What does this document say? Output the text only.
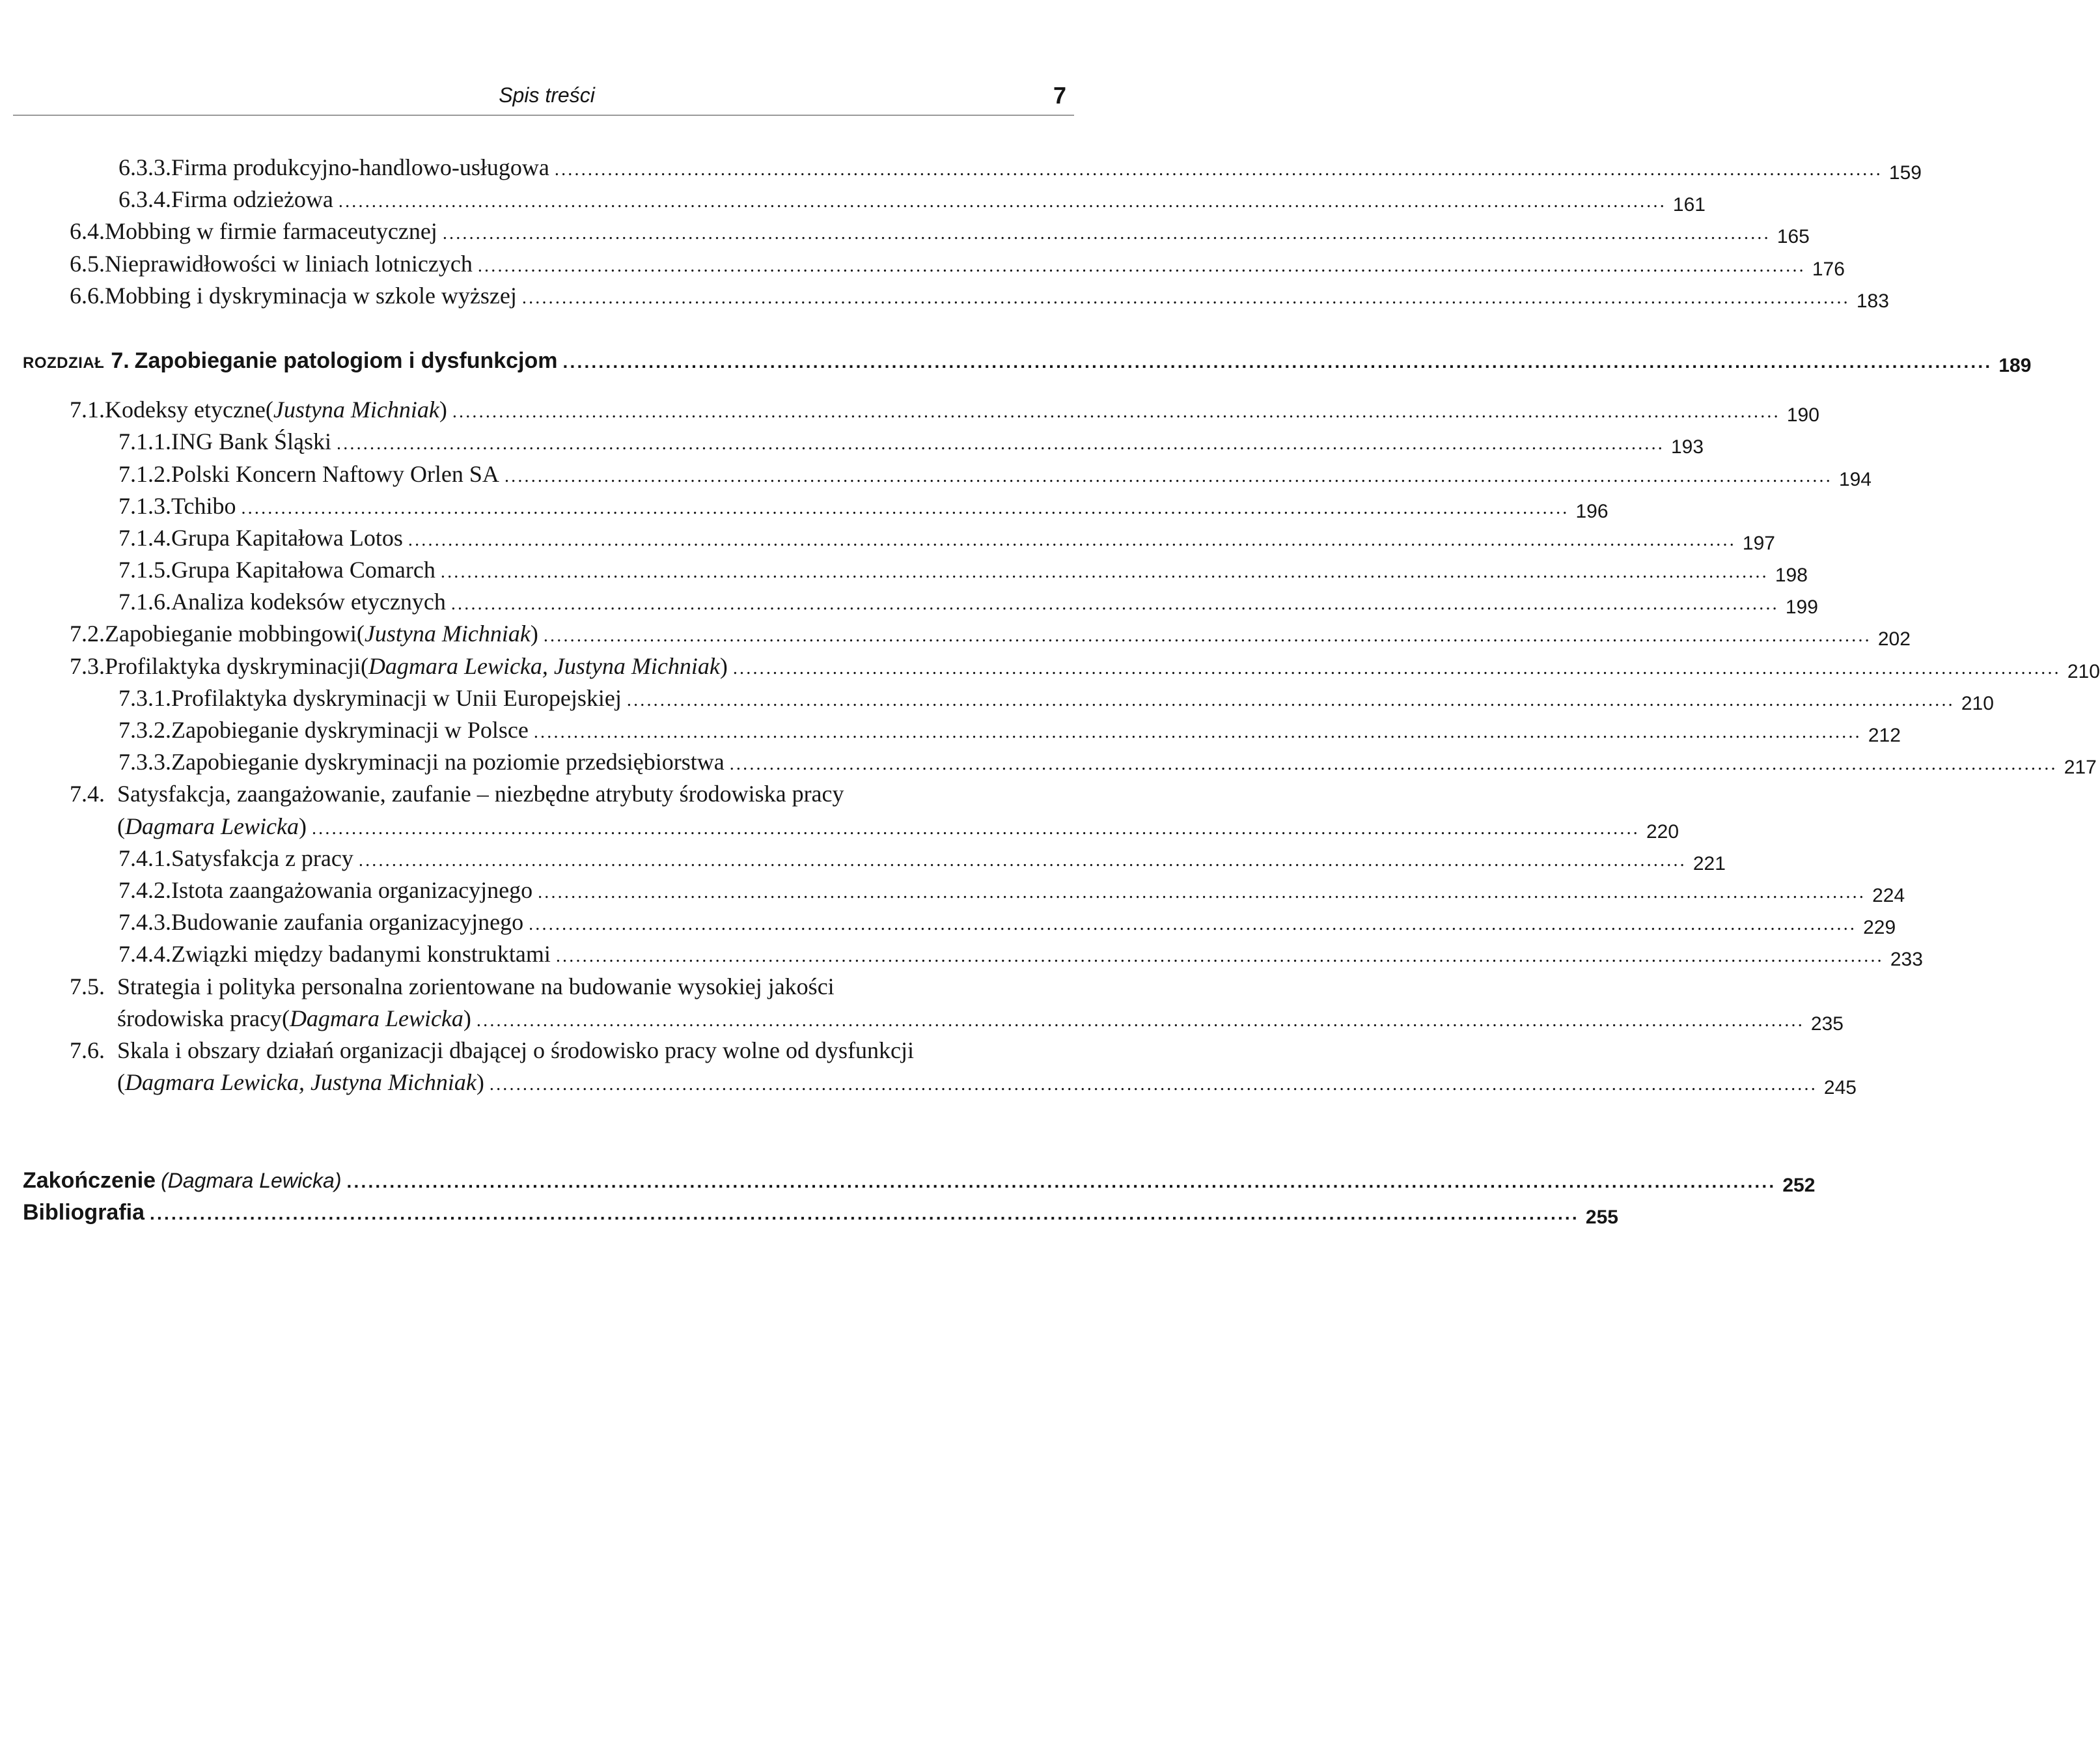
Spis treści	7
6.3.3. Firma produkcyjno-handlowo-usługowa ........................................................................................................................................................................................................ 159
6.3.4. Firma odzieżowa ........................................................................................................................................................................................................ 161
6.4. Mobbing w firmie farmaceutycznej ........................................................................................................................................................................................................ 165
6.5. Nieprawidłowości w liniach lotniczych ........................................................................................................................................................................................................ 176
6.6. Mobbing i dyskryminacja w szkole wyższej ........................................................................................................................................................................................................ 183
ROZDZIAŁ 7. Zapobieganie patologiom i dysfunkcjom ........................................................................................................................................................................................................ 189
7.1. Kodeksy etyczne (Justyna Michniak) ........................................................................................................................................................................................................ 190
7.1.1. ING Bank Śląski ........................................................................................................................................................................................................ 193
7.1.2. Polski Koncern Naftowy Orlen SA ........................................................................................................................................................................................................ 194
7.1.3. Tchibo ........................................................................................................................................................................................................ 196
7.1.4. Grupa Kapitałowa Lotos ........................................................................................................................................................................................................ 197
7.1.5. Grupa Kapitałowa Comarch ........................................................................................................................................................................................................ 198
7.1.6. Analiza kodeksów etycznych ........................................................................................................................................................................................................ 199
7.2. Zapobieganie mobbingowi (Justyna Michniak) ........................................................................................................................................................................................................ 202
7.3. Profilaktyka dyskryminacji (Dagmara Lewicka, Justyna Michniak) ........................................................................................................................................................................................................ 210
7.3.1. Profilaktyka dyskryminacji w Unii Europejskiej ........................................................................................................................................................................................................ 210
7.3.2. Zapobieganie dyskryminacji w Polsce ........................................................................................................................................................................................................ 212
7.3.3. Zapobieganie dyskryminacji na poziomie przedsiębiorstwa ........................................................................................................................................................................................................ 217
7.4. Satysfakcja, zaangażowanie, zaufanie – niezbędne atrybuty środowiska pracy
(Dagmara Lewicka) ........................................................................................................................................................................................................ 220
7.4.1. Satysfakcja z pracy ........................................................................................................................................................................................................ 221
7.4.2. Istota zaangażowania organizacyjnego ........................................................................................................................................................................................................ 224
7.4.3. Budowanie zaufania organizacyjnego ........................................................................................................................................................................................................ 229
7.4.4. Związki między badanymi konstruktami ........................................................................................................................................................................................................ 233
7.5. Strategia i polityka personalna zorientowane na budowanie wysokiej jakości
środowiska pracy (Dagmara Lewicka) ........................................................................................................................................................................................................ 235
7.6. Skala i obszary działań organizacji dbającej o środowisko pracy wolne od dysfunkcji
(Dagmara Lewicka, Justyna Michniak) ........................................................................................................................................................................................................ 245
Zakończenie (Dagmara Lewicka) ........................................................................................................................................................................................................ 252
Bibliografia ........................................................................................................................................................................................................ 255
